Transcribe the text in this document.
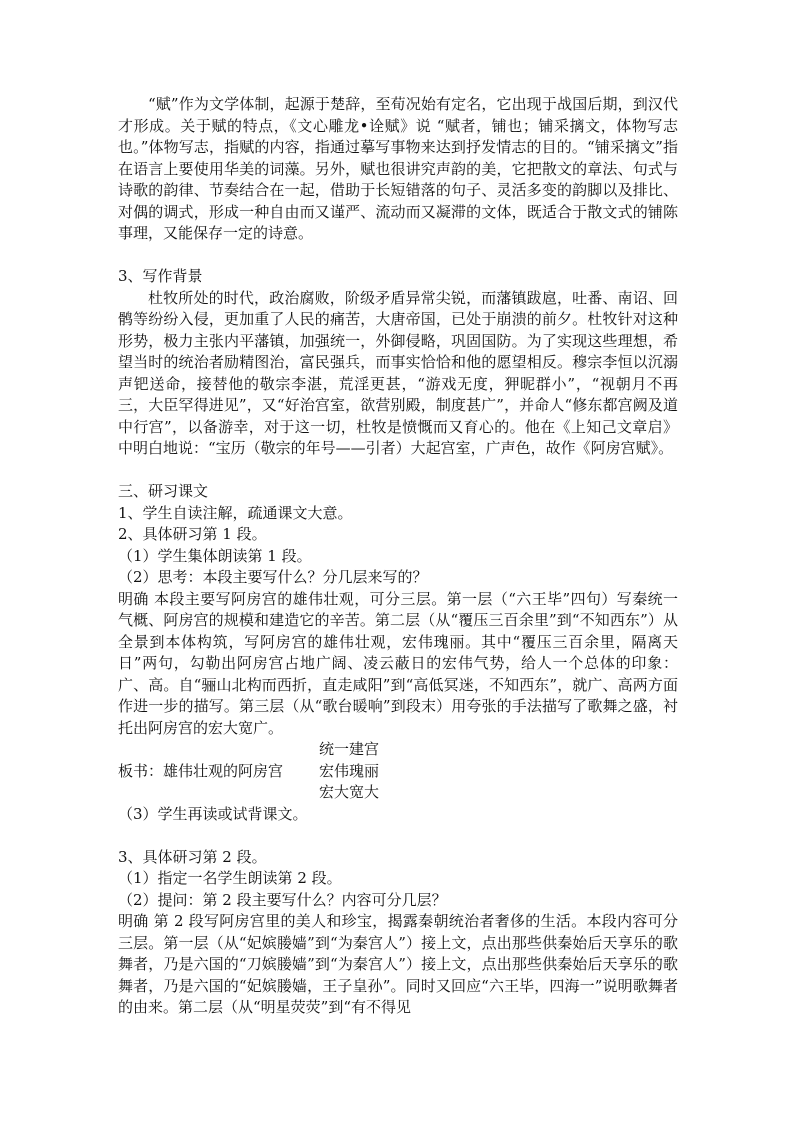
“赋”作为文学体制，起源于楚辞，至荀况始有定名，它出现于战国后期，到汉代才形成。关于赋的特点，《文心雕龙•诠赋》说 “赋者，铺也；铺采摛文，体物写志也。”体物写志，指赋的内容，指通过摹写事物来达到抒发情志的目的。“铺采摛文”指在语言上要使用华美的词藻。另外，赋也很讲究声韵的美，它把散文的章法、句式与诗歌的韵律、节奏结合在一起，借助于长短错落的句子、灵活多变的韵脚以及排比、对偶的调式，形成一种自由而又谨严、流动而又凝滞的文体，既适合于散文式的铺陈事理，又能保存一定的诗意。

3、写作背景

杜牧所处的时代，政治腐败，阶级矛盾异常尖锐，而藩镇跋扈，吐番、南诏、回鹘等纷纷入侵，更加重了人民的痛苦，大唐帝国，已处于崩溃的前夕。杜牧针对这种形势，极力主张内平藩镇，加强统一，外御侵略，巩固国防。为了实现这些理想，希望当时的统治者励精图治，富民强兵，而事实恰恰和他的愿望相反。穆宗李恒以沉溺声钯送命，接替他的敬宗李湛，荒淫更甚，“游戏无度，狎昵群小”，“视朝月不再三，大臣罕得进见”，又“好治宫室，欲营别殿，制度甚广”，并命人“修东都宫阙及道中行宫”，以备游幸，对于这一切，杜牧是愤慨而又育心的。他在《上知己文章启》中明白地说：“宝历（敬宗的年号——引者）大起宫室，广声色，故作《阿房宫赋》。

三、研习课文

1、学生自读注解，疏通课文大意。

2、具体研习第 1 段。

（1）学生集体朗读第 1 段。

（2）思考：本段主要写什么？分几层来写的？

明确 本段主要写阿房宫的雄伟壮观，可分三层。第一层（“六王毕”四句）写秦统一气概、阿房宫的规模和建造它的辛苦。第二层（从“覆压三百余里”到“不知西东”）从全景到本体构筑，写阿房宫的雄伟壮观，宏伟瑰丽。其中“覆压三百余里，隔离天日”两句，勾勒出阿房宫占地广阔、凌云蔽日的宏伟气势，给人一个总体的印象：广、高。自“骊山北构而西折，直走咸阳”到“高低冥迷，不知西东”，就广、高两方面作进一步的描写。第三层（从“歌台暖响”到段末）用夸张的手法描写了歌舞之盛，衬托出阿房宫的宏大宽广。

统一建宫
板书：雄伟壮观的阿房宫 宏伟瑰丽
宏大宽大

（3）学生再读或试背课文。

3、具体研习第 2 段。

（1）指定一名学生朗读第 2 段。

（2）提问：第 2 段主要写什么？内容可分几层？

明确 第 2 段写阿房宫里的美人和珍宝，揭露秦朝统治者奢侈的生活。本段内容可分三层。第一层（从“妃嫔媵嫱”到“为秦宫人”）接上文，点出那些供秦始后天享乐的歌舞者，乃是六国的“刀嫔媵嫱”到“为秦宫人”）接上文，点出那些供秦始后天享乐的歌舞者，乃是六国的“妃嫔媵嫱，王子皇孙”。同时又回应“六王毕，四海一”说明歌舞者的由来。第二层（从“明星荧荧”到“有不得见
